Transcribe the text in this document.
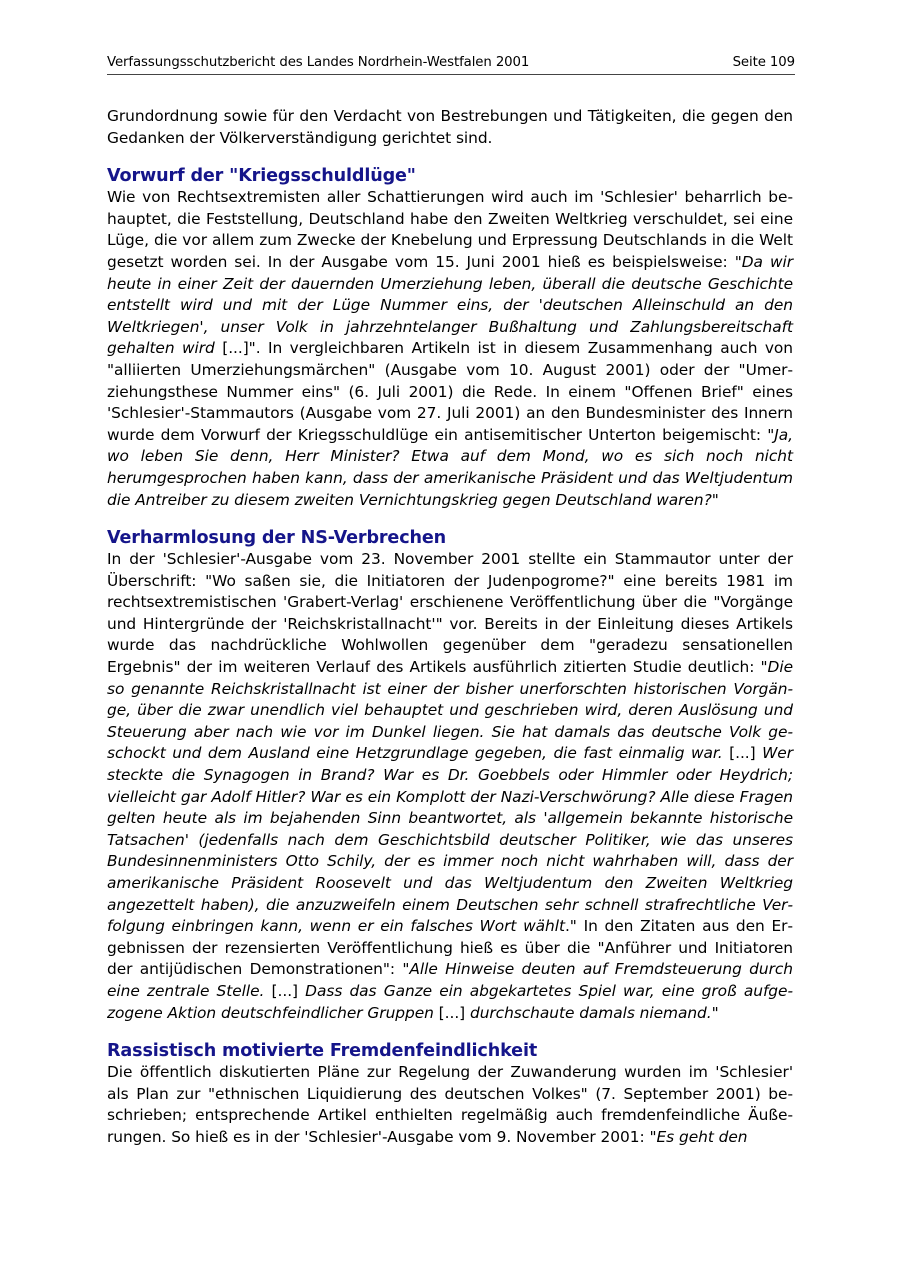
Verfassungsschutzbericht des Landes Nordrhein-Westfalen 2001	Seite 109

Grundordnung sowie für den Verdacht von Bestrebungen und Tätigkeiten, die gegen den Gedanken der Völkerverständigung gerichtet sind.

Vorwurf der "Kriegsschuldlüge"

Wie von Rechtsextremisten aller Schattierungen wird auch im 'Schlesier' beharrlich behauptet, die Feststellung, Deutschland habe den Zweiten Weltkrieg verschuldet, sei eine Lüge, die vor allem zum Zwecke der Knebelung und Erpressung Deutschlands in die Welt gesetzt worden sei. In der Ausgabe vom 15. Juni 2001 hieß es beispielsweise: "Da wir heute in einer Zeit der dauernden Umerziehung leben, überall die deutsche Geschichte entstellt wird und mit der Lüge Nummer eins, der 'deutschen Alleinschuld an den Weltkriegen', unser Volk in jahrzehntelanger Bußhaltung und Zahlungsbereitschaft gehalten wird [...]". In vergleichbaren Artikeln ist in diesem Zusammenhang auch von "alliierten Umerziehungsmärchen" (Ausgabe vom 10. August 2001) oder der "Umerziehungsthese Nummer eins" (6. Juli 2001) die Rede. In einem "Offenen Brief" eines 'Schlesier'-Stammautors (Ausgabe vom 27. Juli 2001) an den Bundesminister des Innern wurde dem Vorwurf der Kriegsschuldlüge ein antisemitischer Unterton beigemischt: "Ja, wo leben Sie denn, Herr Minister? Etwa auf dem Mond, wo es sich noch nicht herumgesprochen haben kann, dass der amerikanische Präsident und das Weltjudentum die Antreiber zu diesem zweiten Vernichtungskrieg gegen Deutschland waren?"

Verharmlosung der NS-Verbrechen

In der 'Schlesier'-Ausgabe vom 23. November 2001 stellte ein Stammautor unter der Überschrift: "Wo saßen sie, die Initiatoren der Judenpogrome?" eine bereits 1981 im rechtsextremistischen 'Grabert-Verlag' erschienene Veröffentlichung über die "Vorgänge und Hintergründe der 'Reichskristallnacht'" vor. Bereits in der Einleitung dieses Artikels wurde das nachdrückliche Wohlwollen gegenüber dem "geradezu sensationellen Ergebnis" der im weiteren Verlauf des Artikels ausführlich zitierten Studie deutlich: "Die so genannte Reichskristallnacht ist einer der bisher unerforschten historischen Vorgänge, über die zwar unendlich viel behauptet und geschrieben wird, deren Auslösung und Steuerung aber nach wie vor im Dunkel liegen. Sie hat damals das deutsche Volk geschockt und dem Ausland eine Hetzgrundlage gegeben, die fast einmalig war. [...] Wer steckte die Synagogen in Brand? War es Dr. Goebbels oder Himmler oder Heydrich; vielleicht gar Adolf Hitler? War es ein Komplott der Nazi-Verschwörung? Alle diese Fragen gelten heute als im bejahenden Sinn beantwortet, als 'allgemein bekannte historische Tatsachen' (jedenfalls nach dem Geschichtsbild deutscher Politiker, wie das unseres Bundesinnenministers Otto Schily, der es immer noch nicht wahrhaben will, dass der amerikanische Präsident Roosevelt und das Weltjudentum den Zweiten Weltkrieg angezettelt haben), die anzuzweifeln einem Deutschen sehr schnell strafrechtliche Verfolgung einbringen kann, wenn er ein falsches Wort wählt." In den Zitaten aus den Ergebnissen der rezensierten Veröffentlichung hieß es über die "Anführer und Initiatoren der antijüdischen Demonstrationen": "Alle Hinweise deuten auf Fremdsteuerung durch eine zentrale Stelle. [...] Dass das Ganze ein abgekartetes Spiel war, eine groß aufgezogene Aktion deutschfeindlicher Gruppen [...] durchschaute damals niemand."

Rassistisch motivierte Fremdenfeindlichkeit

Die öffentlich diskutierten Pläne zur Regelung der Zuwanderung wurden im 'Schlesier' als Plan zur "ethnischen Liquidierung des deutschen Volkes" (7. September 2001) beschrieben; entsprechende Artikel enthielten regelmäßig auch fremdenfeindliche Äußerungen. So hieß es in der 'Schlesier'-Ausgabe vom 9. November 2001: "Es geht den
